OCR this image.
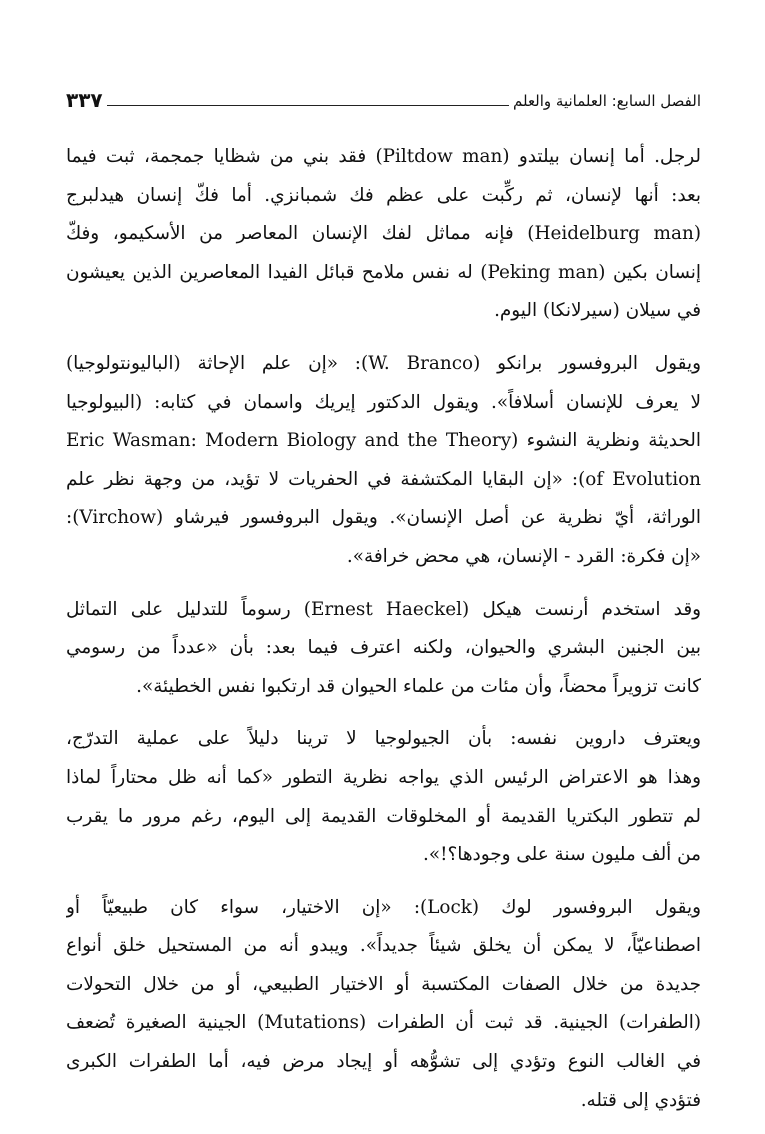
الفصل السابع: العلمانية والعلم
٣٣٧

لرجل. أما إنسان بيلتدو (Piltdow man) فقد بني من شظايا جمجمة، ثبت فيما
بعد: أنها لإنسان، ثم ركِّبت على عظم فك شمبانزي. أما فكّ إنسان هيدلبرج
(Heidelburg man) فإنه مماثل لفك الإنسان المعاصر من الأسكيمو، وفكّ
إنسان بكين (Peking man) له نفس ملامح قبائل الفيدا المعاصرين الذين يعيشون
في سيلان (سيرلانكا) اليوم.

ويقول البروفسور برانكو (W. Branco): «إن علم الإحاثة (الباليونتولوجيا)
لا يعرف للإنسان أسلافاً». ويقول الدكتور إيريك واسمان في كتابه: (البيولوجيا
الحديثة ونظرية النشوء (Eric Wasman: Modern Biology and the Theory
of Evolution): «إن البقايا المكتشفة في الحفريات لا تؤيد، من وجهة نظر علم
الوراثة، أيّ نظرية عن أصل الإنسان». ويقول البروفسور فيرشاو (Virchow):
«إن فكرة: القرد - الإنسان، هي محض خرافة».

وقد استخدم أرنست هيكل (Ernest Haeckel) رسوماً للتدليل على التماثل
بين الجنين البشري والحيوان، ولكنه اعترف فيما بعد: بأن «عدداً من رسومي
كانت تزويراً محضاً، وأن مئات من علماء الحيوان قد ارتكبوا نفس الخطيئة».

ويعترف داروين نفسه: بأن الجيولوجيا لا ترينا دليلاً على عملية التدرّج،
وهذا هو الاعتراض الرئيس الذي يواجه نظرية التطور «كما أنه ظل محتاراً لماذا
لم تتطور البكتريا القديمة أو المخلوقات القديمة إلى اليوم، رغم مرور ما يقرب
من ألف مليون سنة على وجودها؟!».

ويقول البروفسور لوك (Lock): «إن الاختيار، سواء كان طبيعيّاً أو
اصطناعيّاً، لا يمكن أن يخلق شيئاً جديداً». ويبدو أنه من المستحيل خلق أنواع
جديدة من خلال الصفات المكتسبة أو الاختيار الطبيعي، أو من خلال التحولات
(الطفرات) الجينية. قد ثبت أن الطفرات (Mutations) الجينية الصغيرة تُضعف
في الغالب النوع وتؤدي إلى تشوُّهه أو إيجاد مرض فيه، أما الطفرات الكبرى
فتؤدي إلى قتله.
